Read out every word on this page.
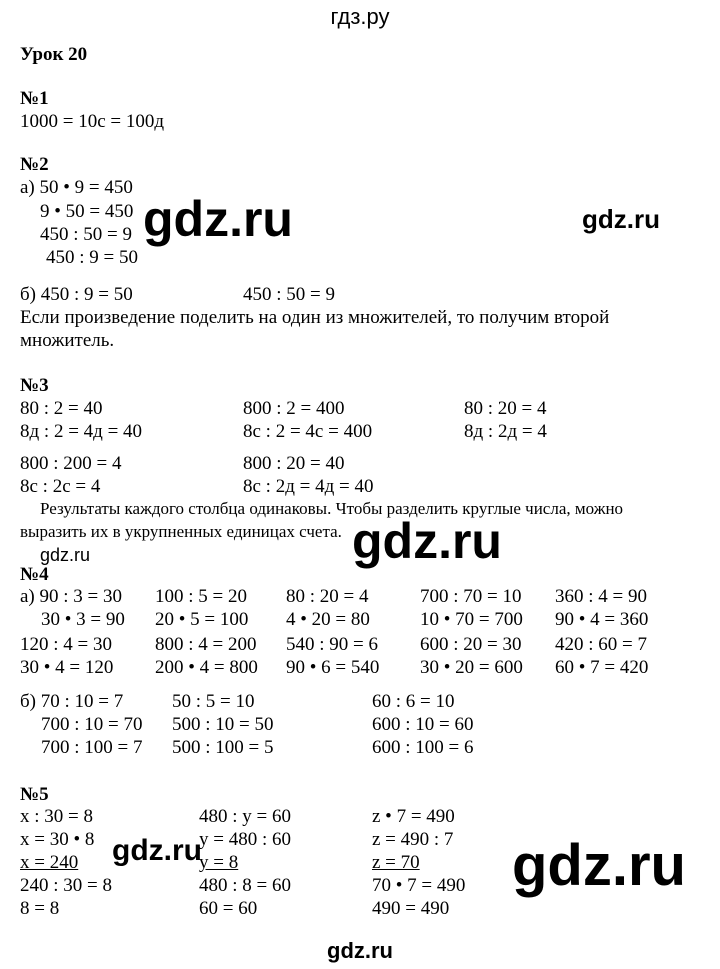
гдз.ру
gdz.ru	gdz.ru
gdz.ru
gdz.ru
gdz.ru	gdz.ru
Урок 20
№1
1000 = 10с = 100д
№2
а) 50 • 9 = 450
9 • 50 = 450
450 : 50 = 9
450 : 9 = 50
б) 450 : 9 = 50	450 : 50 = 9
Если произведение поделить на один из множителей, то получим второй
множитель.
№3
80 : 2 = 40	800 : 2 = 400	80 : 20 = 4
8д : 2 = 4д = 40	8с : 2 = 4с = 400	8д : 2д = 4
800 : 200 = 4	800 : 20 = 40
8с : 2с = 4	8с : 2д = 4д = 40
Результаты каждого столбца одинаковы. Чтобы разделить круглые числа, можно
выразить их в укрупненных единицах счета.
№4
а) 90 : 3 = 30 100 : 5 = 20 80 : 20 = 4	700 : 70 = 10 360 : 4 = 90
30 • 3 = 90 20 • 5 = 100 4 • 20 = 80	10 • 70 = 700 90 • 4 = 360
120 : 4 = 30 800 : 4 = 200 540 : 90 = 6 600 : 20 = 30 420 : 60 = 7
30 • 4 = 120 200 • 4 = 800 90 • 6 = 540 30 • 20 = 600 60 • 7 = 420
б) 70 : 10 = 7	50 : 5 = 10	60 : 6 = 10
700 : 10 = 70 500 : 10 = 50	600 : 10 = 60
700 : 100 = 7 500 : 100 = 5	600 : 100 = 6
№5
х : 30 = 8
х = 30 • 8
х = 240
240 : 30 = 8
8 = 8
480 : у = 60
у = 480 : 60
у = 8
480 : 8 = 60
60 = 60
z • 7 = 490
z = 490 : 7
z = 70
70 • 7 = 490
490 = 490
gdz.ru
